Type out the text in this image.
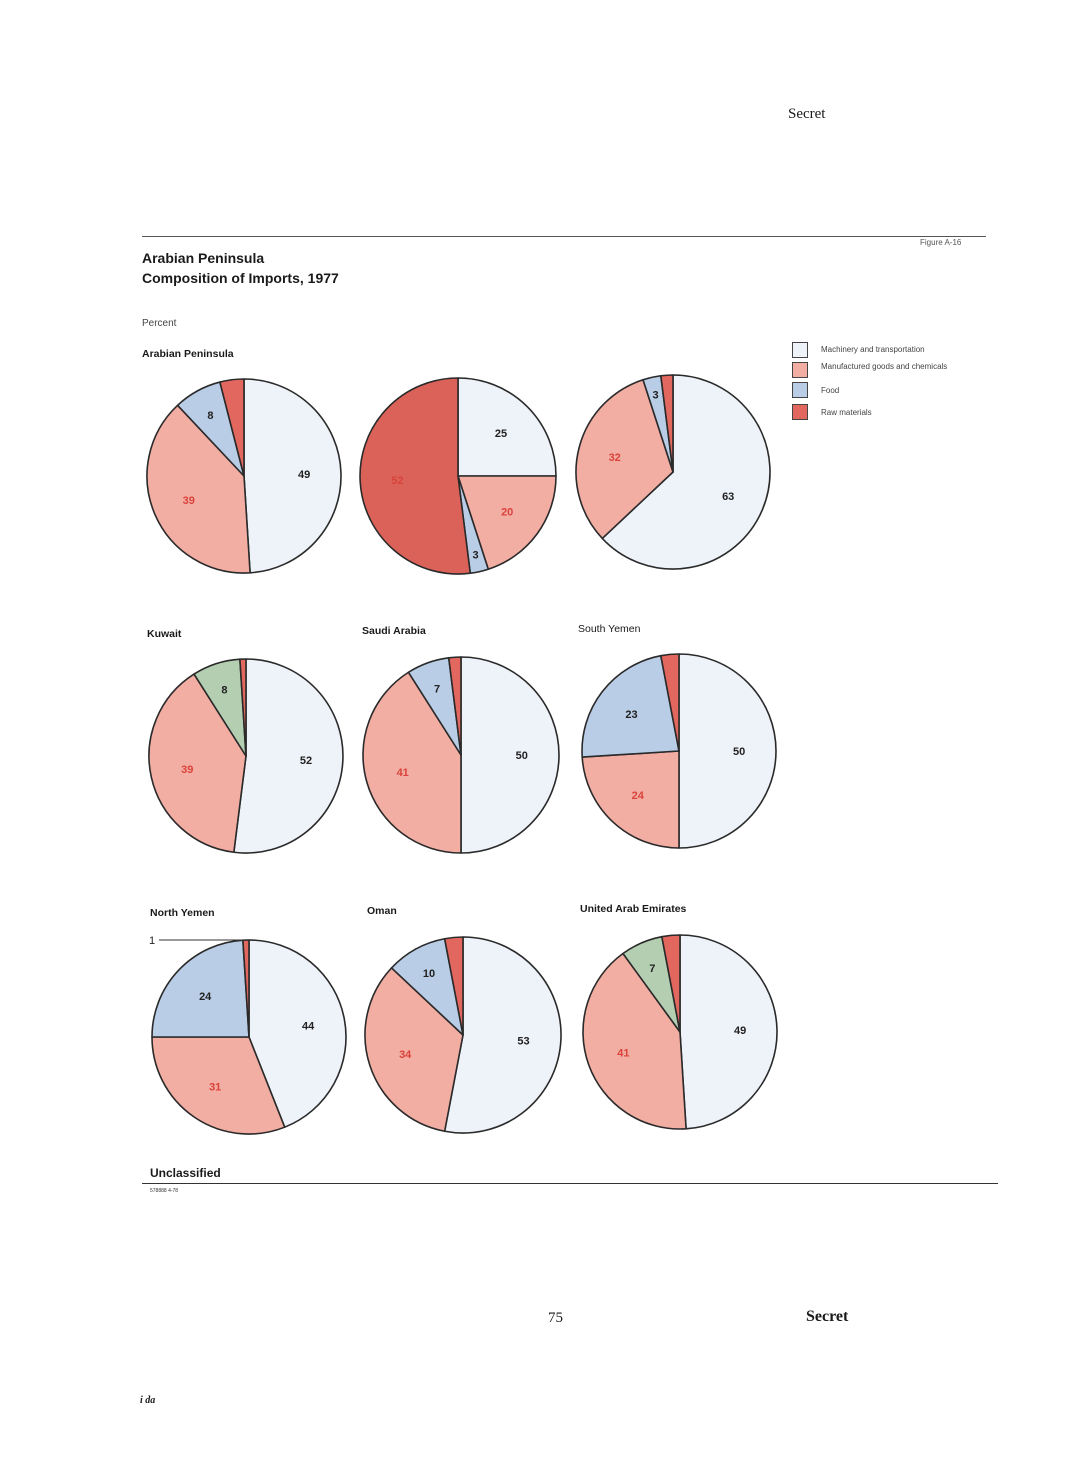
Secret
Figure A-16
Arabian Peninsula
Composition of Imports, 1977
Percent
Arabian Peninsula
Kuwait	Saudi Arabia	South Yemen
North Yemen	Oman	United Arab Emirates
Machinery and transportation
Manufactured goods and chemicals
Food
Raw materials
49
39
8
25
20
3
52
63
32
3
52
39
8
50
41
7
50
24
23
44
31
24
1
53
34
10
49
41
7
Unclassified
578888 4-78
75	Secret
i da
